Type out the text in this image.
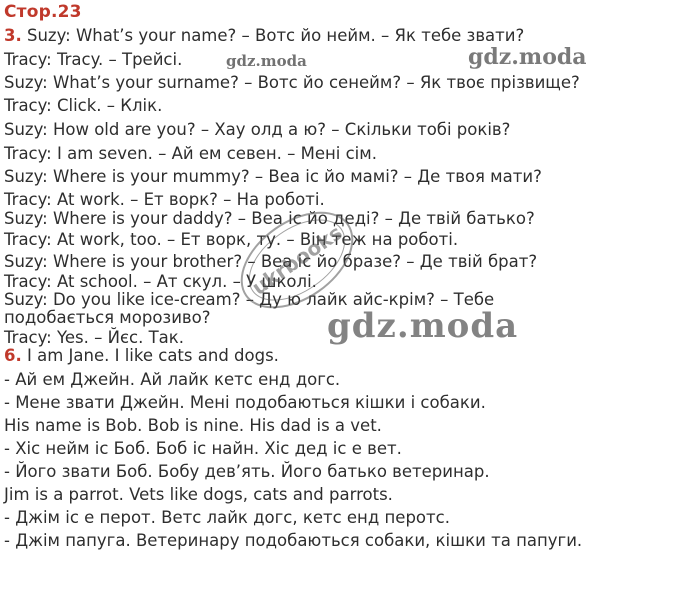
Стор.23
3. Suzy: What’s your name? – Вотс йо нейм. – Як тебе звати?
Tracy: Tracy. – Трейсі.
Suzy: What’s your surname? – Вотс йо сенейм? – Як твоє прізвище?
Tracy: Click. – Клік.
Suzy: How old are you? – Хау олд а ю? – Скільки тобі років?
Tracy: I am seven. – Ай ем севен. – Мені сім.
Suzy: Where is your mummy? – Веа іс йо мамі? – Де твоя мати?
Tracy: At work. – Ет ворк? – На роботі.
Suzy: Where is your daddy? – Веа іс йо деді? – Де твій батько?
Tracy: At work, too. – Ет ворк, ту. – Він теж на роботі.
Suzy: Where is your brother? – Веа іс йо бразе? – Де твій брат?
Tracy: At school. – Ат скул. – У школі.
Suzy: Do you like ice-cream? – Ду ю лайк айс-крім? – Тебе
подобається морозиво?
Tracy: Yes. – Йєс. Так.
6. I am Jane. I like cats and dogs.
- Ай ем Джейн. Ай лайк кетс енд догс.
- Мене звати Джейн. Мені подобаються кішки і собаки.
His name is Bob. Bob is nine. His dad is a vet.
- Хіс нейм іс Боб. Боб іс найн. Хіс дед іс е вет.
- Його звати Боб. Бобу дев’ять. Його батько ветеринар.
Jim is a parrot. Vets like dogs, cats and parrots.
- Джім іс е перот. Ветс лайк догс, кетс енд перотс.
- Джім папуга. Ветеринару подобаються собаки, кішки та папуги.
gdz.moda	gdz.moda
gdz.moda
ukrbooks
